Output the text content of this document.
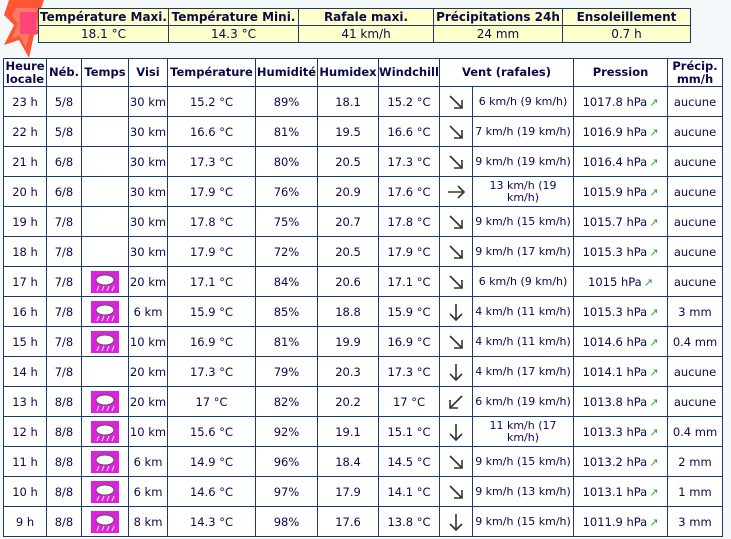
Température Maxi.	Température Mini.	Rafale maxi.	Précipitations 24h	Ensoleillement
18.1 °C	14.3 °C	41 km/h	24 mm	0.7 h
Heure locale	Néb.	Temps	Visi	Température	Humidité	Humidex	Windchill	Vent (rafales)		Pression	Précip. mm/h
23 h	5/8		30 km	15.2 °C	89%	18.1	15.2 °C		6 km/h (9 km/h)	1017.8 hPa ↗	aucune
22 h	5/8		30 km	16.6 °C	81%	19.5	16.6 °C		7 km/h (19 km/h)	1016.9 hPa ↗	aucune
21 h	6/8		30 km	17.3 °C	80%	20.5	17.3 °C		9 km/h (19 km/h)	1016.4 hPa ↗	aucune
20 h	6/8		30 km	17.9 °C	76%	20.9	17.6 °C		13 km/h (19 km/h)	1015.9 hPa ↗	aucune
19 h	7/8		30 km	17.8 °C	75%	20.7	17.8 °C		9 km/h (15 km/h)	1015.7 hPa ↗	aucune
18 h	7/8		30 km	17.9 °C	72%	20.5	17.9 °C		9 km/h (17 km/h)	1015.3 hPa ↗	aucune
17 h	7/8		20 km	17.1 °C	84%	20.6	17.1 °C		6 km/h (9 km/h)	1015 hPa ↗	aucune
16 h	7/8		6 km	15.9 °C	85%	18.8	15.9 °C		4 km/h (11 km/h)	1015.3 hPa ↗	3 mm
15 h	7/8		10 km	16.9 °C	81%	19.9	16.9 °C		4 km/h (11 km/h)	1014.6 hPa ↗	0.4 mm
14 h	7/8		20 km	17.3 °C	79%	20.3	17.3 °C		4 km/h (17 km/h)	1014.1 hPa ↗	aucune
13 h	8/8		20 km	17 °C	82%	20.2	17 °C		6 km/h (19 km/h)	1013.8 hPa ↗	aucune
12 h	8/8		10 km	15.6 °C	92%	19.1	15.1 °C		11 km/h (17 km/h)	1013.3 hPa ↗	0.4 mm
11 h	8/8		6 km	14.9 °C	96%	18.4	14.5 °C		9 km/h (15 km/h)	1013.2 hPa ↗	2 mm
10 h	8/8		6 km	14.6 °C	97%	17.9	14.1 °C		9 km/h (13 km/h)	1013.1 hPa ↗	1 mm
9 h	8/8		8 km	14.3 °C	98%	17.6	13.8 °C		9 km/h (15 km/h)	1011.9 hPa ↗	3 mm
